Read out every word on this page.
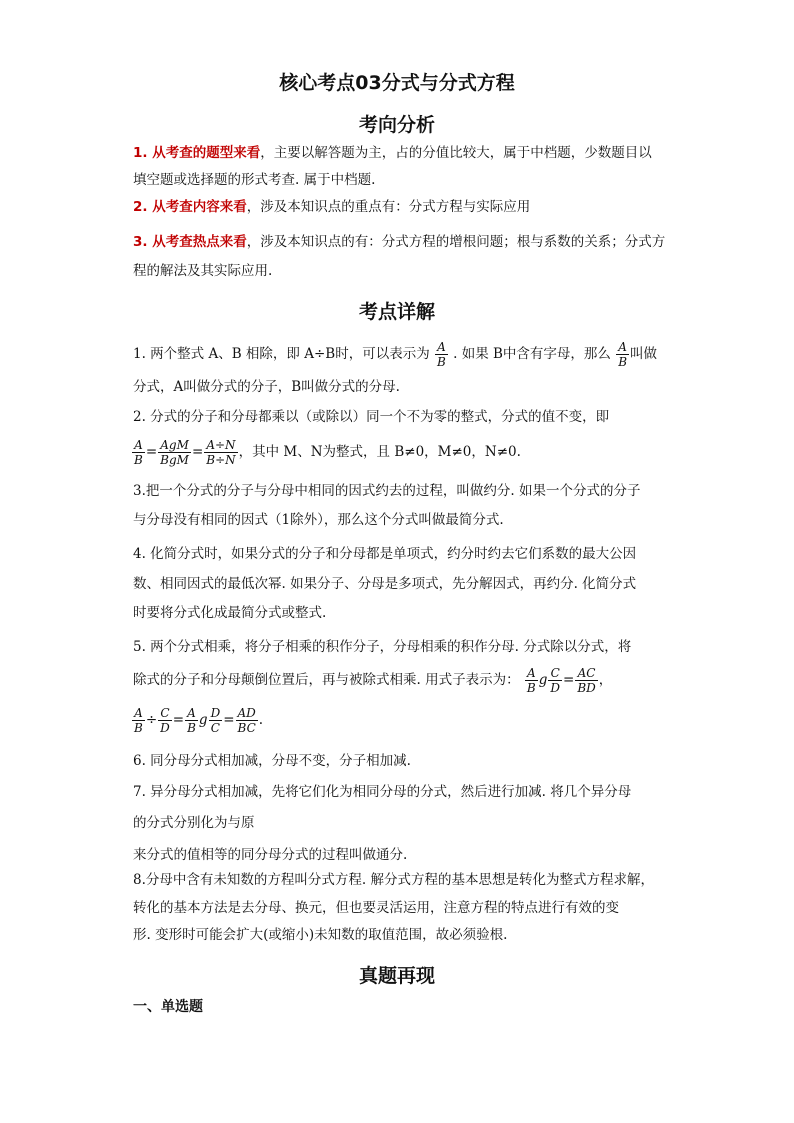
核心考点03分式与分式方程
考向分析
1. 从考查的题型来看，主要以解答题为主，占的分值比较大，属于中档题，少数题目以
填空题或选择题的形式考查. 属于中档题.
2. 从考查内容来看，涉及本知识点的重点有：分式方程与实际应用
3. 从考查热点来看，涉及本知识点的有：分式方程的增根问题；根与系数的关系；分式方
程的解法及其实际应用.
考点详解
1. 两个整式 A、B 相除，即 A÷B时，可以表示为 $\frac{A}{B}$ . 如果 B中含有字母，那么 $\frac{A}{B}$ 叫做
分式，A叫做分式的分子，B叫做分式的分母.
2. 分式的分子和分母都乘以（或除以）同一个不为零的整式，分式的值不变，即
$\frac{A}{B} = \frac{\text{AgM}}{\text{BgM}} = \frac{A\div N}{B\div N}$ ，其中 M、N为整式，且 B≠0，M≠0，N≠0.
3.把一个分式的分子与分母中相同的因式约去的过程，叫做约分. 如果一个分式的分子
与分母没有相同的因式（1除外），那么这个分式叫做最简分式.
4. 化简分式时，如果分式的分子和分母都是单项式，约分时约去它们系数的最大公因
数、相同因式的最低次幂. 如果分子、分母是多项式，先分解因式，再约分. 化简分式
时要将分式化成最简分式或整式.
5. 两个分式相乘，将分子相乘的积作分子，分母相乘的积作分母. 分式除以分式，将
除式的分子和分母颠倒位置后，再与被除式相乘. 用式子表示为： $\frac{A}{B}$ g $\frac{C}{D} = \frac{AC}{BD}$ ，
$\frac{A}{B} \div \frac{C}{D} = \frac{A}{B}$ g $\frac{D}{C} = \frac{AD}{BC}$ .
6. 同分母分式相加减，分母不变，分子相加减.
7. 异分母分式相加减，先将它们化为相同分母的分式，然后进行加减. 将几个异分母
的分式分别化为与原
来分式的值相等的同分母分式的过程叫做通分.
8.分母中含有未知数的方程叫分式方程. 解分式方程的基本思想是转化为整式方程求解，
转化的基本方法是去分母、换元，但也要灵活运用，注意方程的特点进行有效的变
形. 变形时可能会扩大(或缩小)未知数的取值范围，故必须验根.
真题再现
一、单选题
